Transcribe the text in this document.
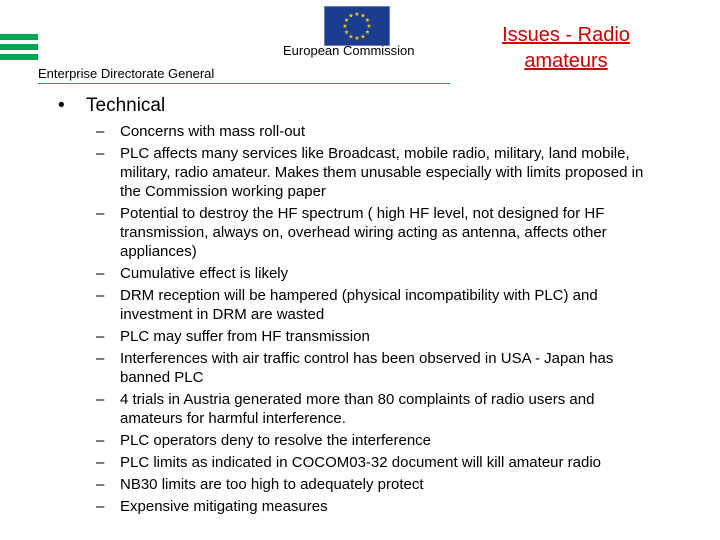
★ ★
★
★
★
★
★
★
★
★
★
★
European Commission
Enterprise Directorate General
Issues - Radio amateurs
• Technical
– Concerns with mass roll-out
– PLC affects many services like Broadcast, mobile radio, military, land mobile, military, radio amateur. Makes them unusable especially with limits proposed in the Commission working paper
– Potential to destroy the HF spectrum ( high HF level, not designed for HF transmission, always on, overhead wiring acting as antenna, affects other appliances)
– Cumulative effect is likely
– DRM reception will be hampered (physical incompatibility with PLC) and investment in DRM are wasted
– PLC may suffer from HF transmission
– Interferences with air traffic control has been observed in USA - Japan has banned PLC
– 4 trials in Austria generated more than 80 complaints of radio users and amateurs for harmful interference.
– PLC operators deny to resolve the interference
– PLC limits as indicated in COCOM03-32 document will kill amateur radio
– NB30 limits are too high to adequately protect
– Expensive mitigating measures
